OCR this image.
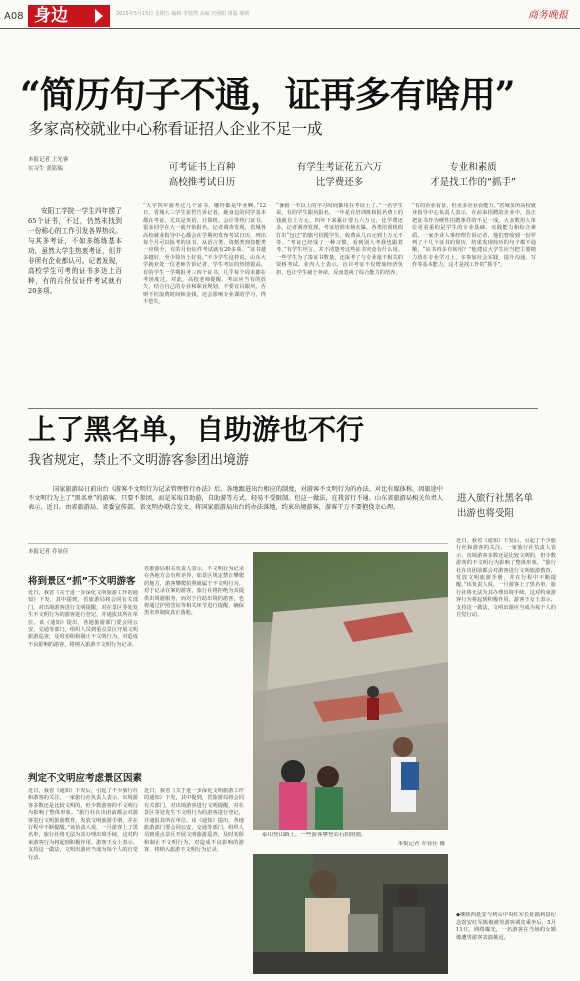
A08 身边	2015年5月15日 星期五 编辑 李倩然 美编 宫照阳 组版 郝莉	商务晚报
“简历句子不通，证再多有啥用”
多家高校就业中心称看证招人企业不足一成
本报记者 王光睿
实习生 张铭瑞
安阳工学院一学生四年捞了65个证书，不过，仍然未找到一份称心的工作引发各界热议。与其多考证，不如多练练基本功，虽然大学生热衷考证，但并非所有企业都认可。记者发现，高校学生可考的证书多达上百种，有的月份仅证件考试就有20多项。
可考证书上百种
高校推考试日历
有学生考证花五六万
比学费还多
专业和素质
才是找工作的“抓手”
“大学四年游考过几个证书，哪样都是毕业啊。”12日，省城大三学生崔哲告诉记者，她身边的同学基本都在考证，尤其是英语、计算机、会计等热门证书，很多同学在大一就开始报名。记者调查发现，省城各高校就业指导中心都会在学期初发布考试日历，列出每个月可以报考的证书，从语言类、资格类到技能类一应俱全，有的月份证件考试就有20多项。“证书越多越好，至少简历上好看。”不少学生这样说。山东大学就业处一位老师告诉记者，学生考证的热情很高，有的学生一学期报考三四个证书，几乎每个周末都在考场度过。对此，高校老师提醒，考证应当有的放矢，结合自己的专业和职业规划，不要盲目跟风，否则不但浪费时间和金钱，还会影响专业课的学习，得不偿失。
“暑假一半以上的学习时间都用在考证上了。”一名学生说，有的学生跟风报名，一年花在培训班和报名费上的钱就有上万元，四年下来累计要五六万元，比学费还多。记者调查发现，考证培训市场火爆，各类培训机构打出“包过”的旗号招揽学生，收费从几百元到上万元不等。“考证已经成了一种习惯，看到别人考我也跟着考。”有学生坦言，并不清楚考这些证书究竟有什么用。一些学生为了凑证书数量，还报考了与专业毫不相关的资格考试。业内人士表示，盲目考证不仅增加经济负担，也让学生疲于奔命，反而忽视了综合能力的培养。
“有的企业看证，但更多企业看能力。”省城多所高校就业指导中心负责人表示，在前来招聘的企业中，真正把证书作为硬性招聘条件的不足一成，大多数用人单位更看重的是学生的专业基础、实践能力和综合素质。一家企业人事经理告诉记者，他们曾收到一份罗列了十几个证书的简历，结果发现简历的句子都不通顺，“证书再多有啥用？”他建议大学生应当把主要精力放在专业学习上，多参加社会实践，提升沟通、写作等基本能力，这才是找工作的“抓手”。
上了黑名单，自助游也不行
我省规定，禁止不文明游客参团出境游
国家旅游局日前出台《游客不文明行为记录管理暂行办法》后，各地跟进出台相应的制度，对游客不文明行为的办法、对比有媒体称，因旅途中不文明行为上了“黑名单”的游客，只要不参团，而是采取自助游，自助游等方式，轻易不受限制。但这一做法，在我省行不通。山东省旅游局相关负责人表示，近日，由省旅游局、省委宣传部、省文明办联合发文，将国家旅游局出台的办法落地，约束出境游客，游客干万不要抱侥幸心理。
本报记者 乔显佳
进入旅行社黑名单
出游也将受阻
近日，我省《通知》下发后，引起了不少旅行社和游客的关注。一家旅行社负责人表示，出境游客多数还是比较文明的，但少数游客的不文明行为影响了整体形象。“旅行社在出团前都会对游客进行文明旅游教育，发放文明旅游手册，并在行程中不断提醒。”该负责人说，一旦游客上了黑名单，旅行社将无法为其办理出境手续，这对约束游客行为将起到积极作用。游客王女士表示，支持这一做法，文明出游应当成为每个人的自觉行动。
将到景区“抓”不文明游客
近日，我省《关于进一步深化文明旅游工作的通知》下发，其中提到，省旅游局将会同有关部门，对出境游客进行文明提醒，对在景区等处发生不文明行为的游客进行登记，并通报其所在单位。该《通知》提出，各地旅游部门要会同公安、交通等部门，组织人员到重点景区开展文明旅游巡查，及时劝阻和制止不文明行为，对造成不良影响的游客，将纳入旅游不文明行为记录。
省旅游局相关负责人表示，不文明行为记录在各地方会有所差异，如景区规定禁止攀爬的地方，游客攀爬拍照就属于不文明行为。对于记录在案的游客，旅行社将拒绝为其提供出境游服务，而对于自助出境的游客，也将通过护照签证等相关环节进行提醒，确保黑名单制度真正落地。
判定不文明应考虑景区因素
近日，我省《通知》下发后，引起了不少旅行社和游客的关注。一家旅行社负责人表示，出境游客多数还是比较文明的，但少数游客的不文明行为影响了整体形象。“旅行社在出团前都会对游客进行文明旅游教育，发放文明旅游手册，并在行程中不断提醒。”该负责人说，一旦游客上了黑名单，旅行社将无法为其办理出境手续，这对约束游客行为将起到积极作用。游客王女士表示，支持这一做法，文明出游应当成为每个人的自觉行动。
近日，我省《关于进一步深化文明旅游工作的通知》下发，其中提到，省旅游局将会同有关部门，对出境游客进行文明提醒，对在景区等处发生不文明行为的游客进行登记，并通报其所在单位。该《通知》提出，各地旅游部门要会同公安、交通等部门，组织人员到重点景区开展文明旅游巡查，及时劝阻和制止不文明行为，对造成不良影响的游客，将纳入旅游不文明行为记录。
泰山登山路上，一些游客攀登岩石拍照嬉。
本报记者 乔显佳 摄
◆继陕西延安与利山中央红军长征路利泉纪念馆安红军陈俊被男游客调皮乘坐后，5月11日，网络曝光，一名游客在当场的女婿像遭男游客表演挑逗。
